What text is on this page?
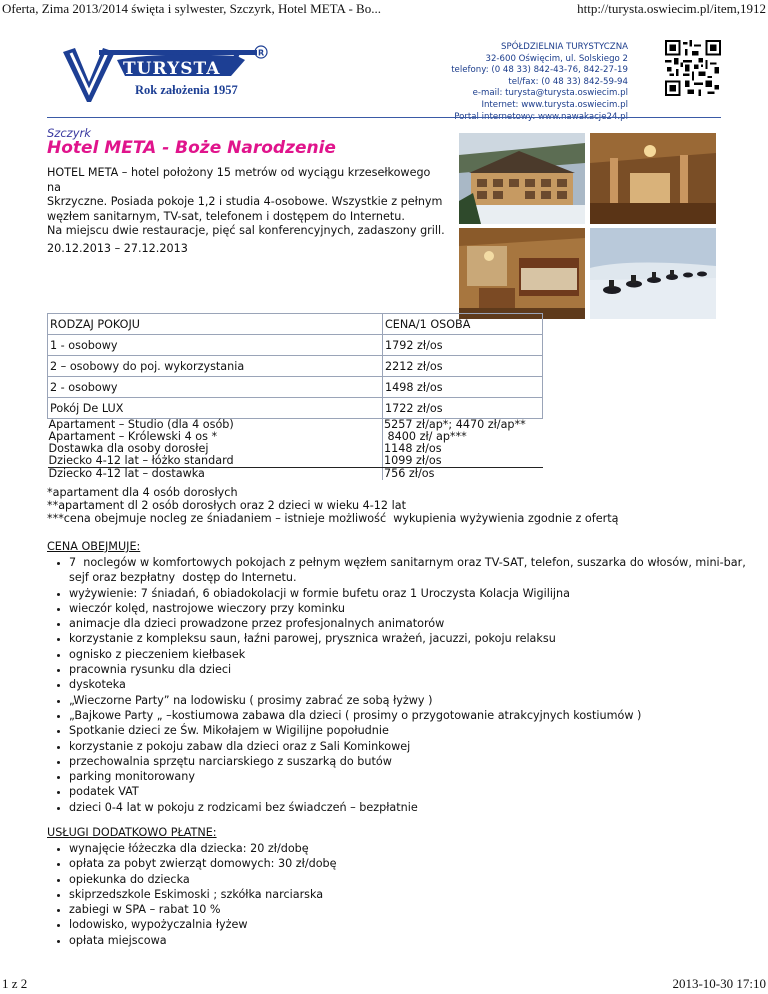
Oferta, Zima 2013/2014 święta i sylwester, Szczyrk, Hotel META - Bo...	http://turysta.oswiecim.pl/item,1912
TURYSTA
R
Rok założenia 1957
SPÓŁDZIELNIA TURYSTYCZNA
32-600 Oświęcim, ul. Solskiego 2
telefony: (0 48 33) 842-43-76, 842-27-19
tel/fax: (0 48 33) 842-59-94
e-mail: turysta@turysta.oswiecim.pl
Internet: www.turysta.oswiecim.pl
Szczyrk
Hotel META - Boże Narodzenie
HOTEL META – hotel położony 15 metrów od wyciągu krzesełkowego na
Skrzyczne. Posiada pokoje 1,2 i studia 4-osobowe. Wszystkie z pełnym
węzłem sanitarnym, TV-sat, telefonem i dostępem do Internetu.
Na miejscu dwie restauracje, pięć sal konferencyjnych, zadaszony grill.
20.12.2013 – 27.12.2013
RODZAJ POKOJU	CENA/1 OSOBA
1 - osobowy	1792 zł/os
2 – osobowy do poj. wykorzystania	2212 zł/os
2 - osobowy	1498 zł/os
Pokój De LUX	1722 zł/os
Apartament – Studio (dla 4 osób)	5257 zł/ap*; 4470 zł/ap**
Apartament – Królewski 4 os *	8400 zł/ ap***
Dostawka dla osoby dorosłej	1148 zł/os
Dziecko 4-12 lat – łóżko standard	1099 zł/os
Dziecko 4-12 lat – dostawka	756 zł/os
*apartament dla 4 osób dorosłych
**apartament dl 2 osób dorosłych oraz 2 dzieci w wieku 4-12 lat
***cena obejmuje nocleg ze śniadaniem – istnieje możliwość  wykupienia wyżywienia zgodnie z ofertą
CENA OBEJMUJE:
• 7  noclegów w komfortowych pokojach z pełnym węzłem sanitarnym oraz TV-SAT, telefon, suszarka do włosów, mini-bar, sejf oraz bezpłatny  dostęp do Internetu.
• wyżywienie: 7 śniadań, 6 obiadokolacji w formie bufetu oraz 1 Uroczysta Kolacja Wigilijna
• wieczór kolęd, nastrojowe wieczory przy kominku
• animacje dla dzieci prowadzone przez profesjonalnych animatorów
• korzystanie z kompleksu saun, łaźni parowej, prysznica wrażeń, jacuzzi, pokoju relaksu
• ognisko z pieczeniem kiełbasek
• pracownia rysunku dla dzieci
• dyskoteka
• „Wieczorne Party” na lodowisku ( prosimy zabrać ze sobą łyżwy )
• „Bajkowe Party „ –kostiumowa zabawa dla dzieci ( prosimy o przygotowanie atrakcyjnych kostiumów )
• Spotkanie dzieci ze Św. Mikołajem w Wigilijne popołudnie
• korzystanie z pokoju zabaw dla dzieci oraz z Sali Kominkowej
• przechowalnia sprzętu narciarskiego z suszarką do butów
• parking monitorowany
• podatek VAT
• dzieci 0-4 lat w pokoju z rodzicami bez świadczeń – bezpłatnie
USŁUGI DODATKOWO PŁATNE:
• wynajęcie łóżeczka dla dziecka: 20 zł/dobę
• opłata za pobyt zwierząt domowych: 30 zł/dobę
• opiekunka do dziecka
• skiprzedszkole Eskimoski ; szkółka narciarska
• zabiegi w SPA – rabat 10 %
• lodowisko, wypożyczalnia łyżew
• opłata miejscowa
1 z 2	2013-10-30 17:10
